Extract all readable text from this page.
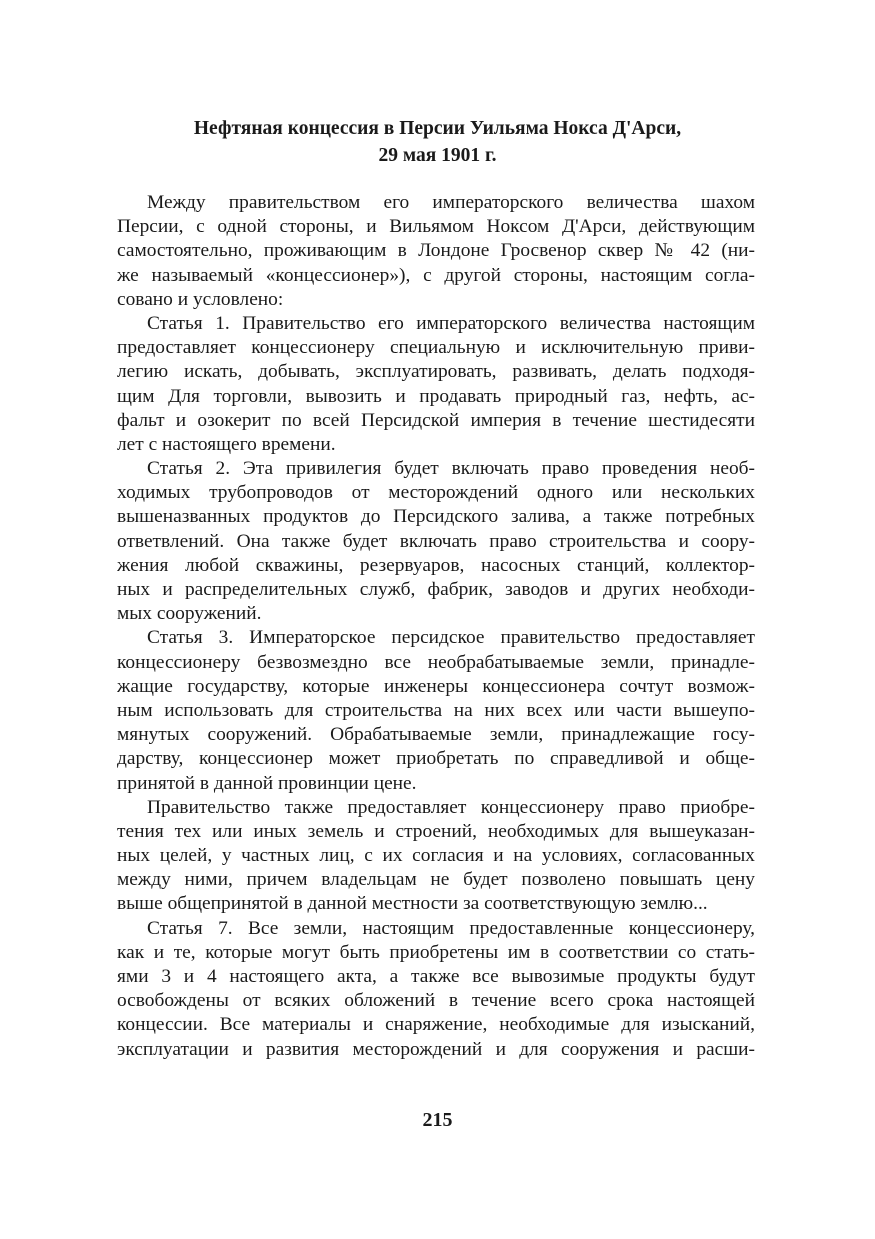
Нефтяная концессия в Персии Уильяма Нокса Д'Арси,
29 мая 1901 г.
Между правительством его императорского величества шахом
Персии, с одной стороны, и Вильямом Ноксом Д'Арси, действующим
самостоятельно, проживающим в Лондоне Гросвенор сквер № 42 (ни-
же называемый «концессионер»), с другой стороны, настоящим согла-
совано и условлено:
Статья 1. Правительство его императорского величества настоящим
предоставляет концессионеру специальную и исключительную приви-
легию искать, добывать, эксплуатировать, развивать, делать подходя-
щим Для торговли, вывозить и продавать природный газ, нефть, ас-
фальт и озокерит по всей Персидской империя в течение шестидесяти
лет с настоящего времени.
Статья 2. Эта привилегия будет включать право проведения необ-
ходимых трубопроводов от месторождений одного или нескольких
вышеназванных продуктов до Персидского залива, а также потребных
ответвлений. Она также будет включать право строительства и соору-
жения любой скважины, резервуаров, насосных станций, коллектор-
ных и распределительных служб, фабрик, заводов и других необходи-
мых сооружений.
Статья 3. Императорское персидское правительство предоставляет
концессионеру безвозмездно все необрабатываемые земли, принадле-
жащие государству, которые инженеры концессионера сочтут возмож-
ным использовать для строительства на них всех или части вышеупо-
мянутых сооружений. Обрабатываемые земли, принадлежащие госу-
дарству, концессионер может приобретать по справедливой и обще-
принятой в данной провинции цене.
Правительство также предоставляет концессионеру право приобре-
тения тех или иных земель и строений, необходимых для вышеуказан-
ных целей, у частных лиц, с их согласия и на условиях, согласованных
между ними, причем владельцам не будет позволено повышать цену
выше общепринятой в данной местности за соответствующую землю...
Статья 7. Все земли, настоящим предоставленные концессионеру,
как и те, которые могут быть приобретены им в соответствии со стать-
ями 3 и 4 настоящего акта, а также все вывозимые продукты будут
освобождены от всяких обложений в течение всего срока настоящей
концессии. Все материалы и снаряжение, необходимые для изысканий,
эксплуатации и развития месторождений и для сооружения и расши-
215
